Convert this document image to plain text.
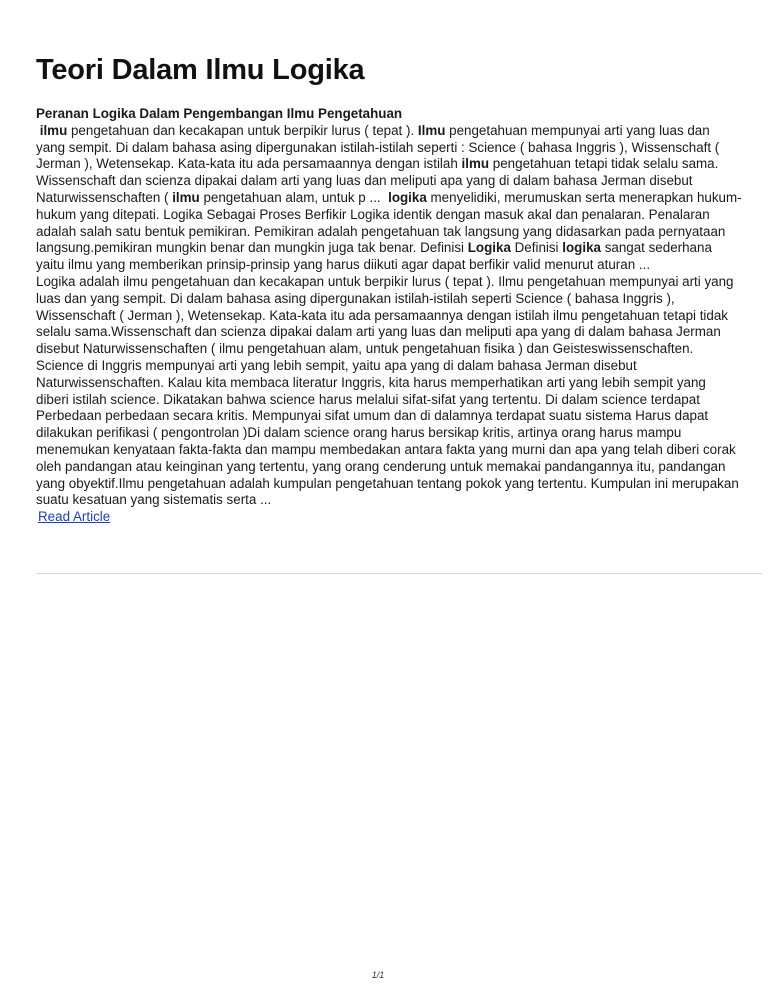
Teori Dalam Ilmu Logika
Peranan Logika Dalam Pengembangan Ilmu Pengetahuan

ilmu pengetahuan dan kecakapan untuk berpikir lurus ( tepat ). Ilmu pengetahuan mempunyai arti yang luas dan yang sempit. Di dalam bahasa asing dipergunakan istilah-istilah seperti : Science ( bahasa Inggris ), Wissenschaft ( Jerman ), Wetensekap. Kata-kata itu ada persamaannya dengan istilah ilmu pengetahuan tetapi tidak selalu sama. Wissenschaft dan scienza dipakai dalam arti yang luas dan meliputi apa yang di dalam bahasa Jerman disebut Naturwissenschaften ( ilmu pengetahuan alam, untuk p ...  logika menyelidiki, merumuskan serta menerapkan hukum-hukum yang ditepati. Logika Sebagai Proses Berfikir Logika identik dengan masuk akal dan penalaran. Penalaran adalah salah satu bentuk pemikiran. Pemikiran adalah pengetahuan tak langsung yang didasarkan pada pernyataan langsung.pemikiran mungkin benar dan mungkin juga tak benar. Definisi Logika Definisi logika sangat sederhana yaitu ilmu yang memberikan prinsip-prinsip yang harus diikuti agar dapat berfikir valid menurut aturan ...

Logika adalah ilmu pengetahuan dan kecakapan untuk berpikir lurus ( tepat ). Ilmu pengetahuan mempunyai arti yang luas dan yang sempit. Di dalam bahasa asing dipergunakan istilah-istilah seperti Science ( bahasa Inggris ), Wissenschaft ( Jerman ), Wetensekap. Kata-kata itu ada persamaannya dengan istilah ilmu pengetahuan tetapi tidak selalu sama.Wissenschaft dan scienza dipakai dalam arti yang luas dan meliputi apa yang di dalam bahasa Jerman disebut Naturwissenschaften ( ilmu pengetahuan alam, untuk pengetahuan fisika ) dan Geisteswissenschaften. Science di Inggris mempunyai arti yang lebih sempit, yaitu apa yang di dalam bahasa Jerman disebut Naturwissenschaften. Kalau kita membaca literatur Inggris, kita harus memperhatikan arti yang lebih sempit yang diberi istilah science. Dikatakan bahwa science harus melalui sifat-sifat yang tertentu. Di dalam science terdapat Perbedaan perbedaan secara kritis. Mempunyai sifat umum dan di dalamnya terdapat suatu sistema Harus dapat dilakukan perifikasi ( pengontrolan )Di dalam science orang harus bersikap kritis, artinya orang harus mampu menemukan kenyataan fakta-fakta dan mampu membedakan antara fakta yang murni dan apa yang telah diberi corak oleh pandangan atau keinginan yang tertentu, yang orang cenderung untuk memakai pandangannya itu, pandangan yang obyektif.Ilmu pengetahuan adalah kumpulan pengetahuan tentang pokok yang tertentu. Kumpulan ini merupakan suatu kesatuan yang sistematis serta ...

Read Article
1/1
